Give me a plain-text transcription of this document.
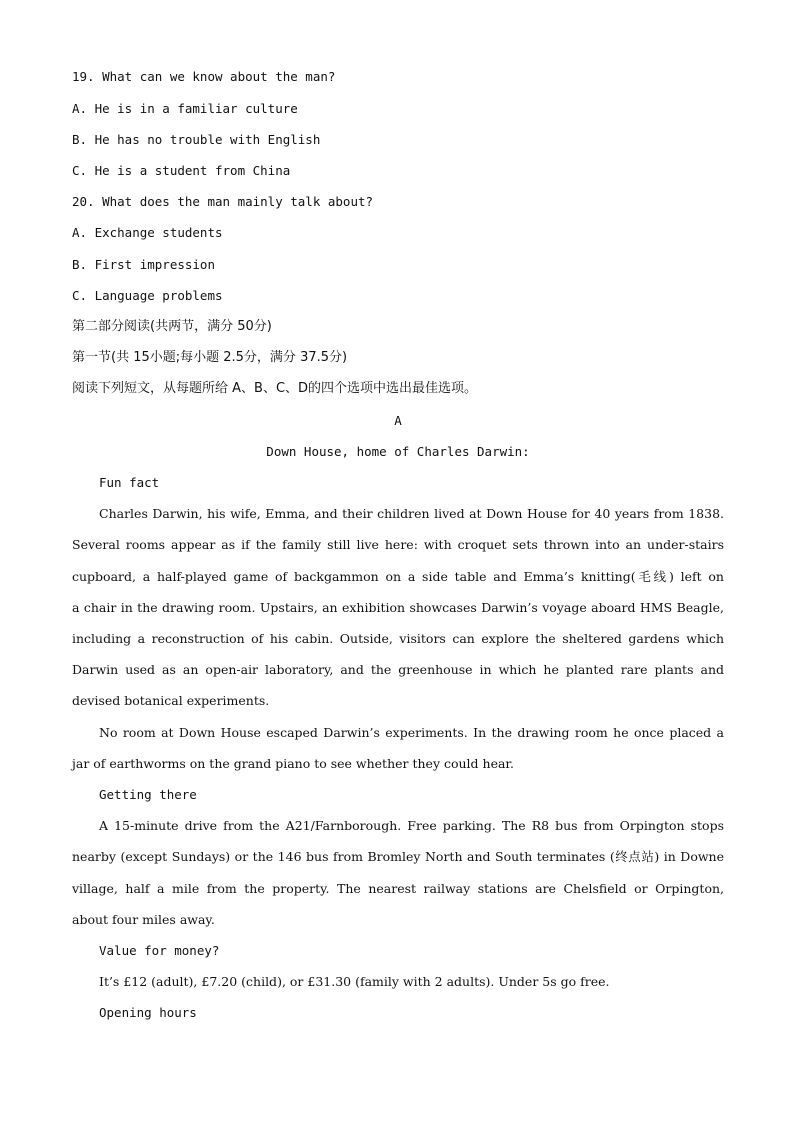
19. What can we know about the man?
A. He is in a familiar culture
B. He has no trouble with English
C. He is a student from China
20. What does the man mainly talk about?
A. Exchange students
B. First impression
C. Language problems
第二部分阅读(共两节，满分 50分)
第一节(共 15小题;每小题 2.5分，满分 37.5分)
阅读下列短文，从每题所给 A、B、C、D的四个选项中选出最佳选项。
A
Down House, home of Charles Darwin:
Fun fact
Charles Darwin, his wife, Emma, and their children lived at Down House for 40 years from 1838.
Several rooms appear as if the family still live here: with croquet sets thrown into an under-stairs
cupboard, a half-played game of backgammon on a side table and Emma’s knitting(毛线) left on
a chair in the drawing room. Upstairs, an exhibition showcases Darwin’s voyage aboard HMS Beagle,
including a reconstruction of his cabin. Outside, visitors can explore the sheltered gardens which
Darwin used as an open-air laboratory, and the greenhouse in which he planted rare plants and
devised botanical experiments.
No room at Down House escaped Darwin’s experiments. In the drawing room he once placed a
jar of earthworms on the grand piano to see whether they could hear.
Getting there
A 15-minute drive from the A21/Farnborough. Free parking. The R8 bus from Orpington stops
nearby (except Sundays) or the 146 bus from Bromley North and South terminates (终点站) in Downe
village, half a mile from the property. The nearest railway stations are Chelsfield or Orpington,
about four miles away.
Value for money?
It’s £12 (adult), £7.20 (child), or £31.30 (family with 2 adults). Under 5s go free.
Opening hours
